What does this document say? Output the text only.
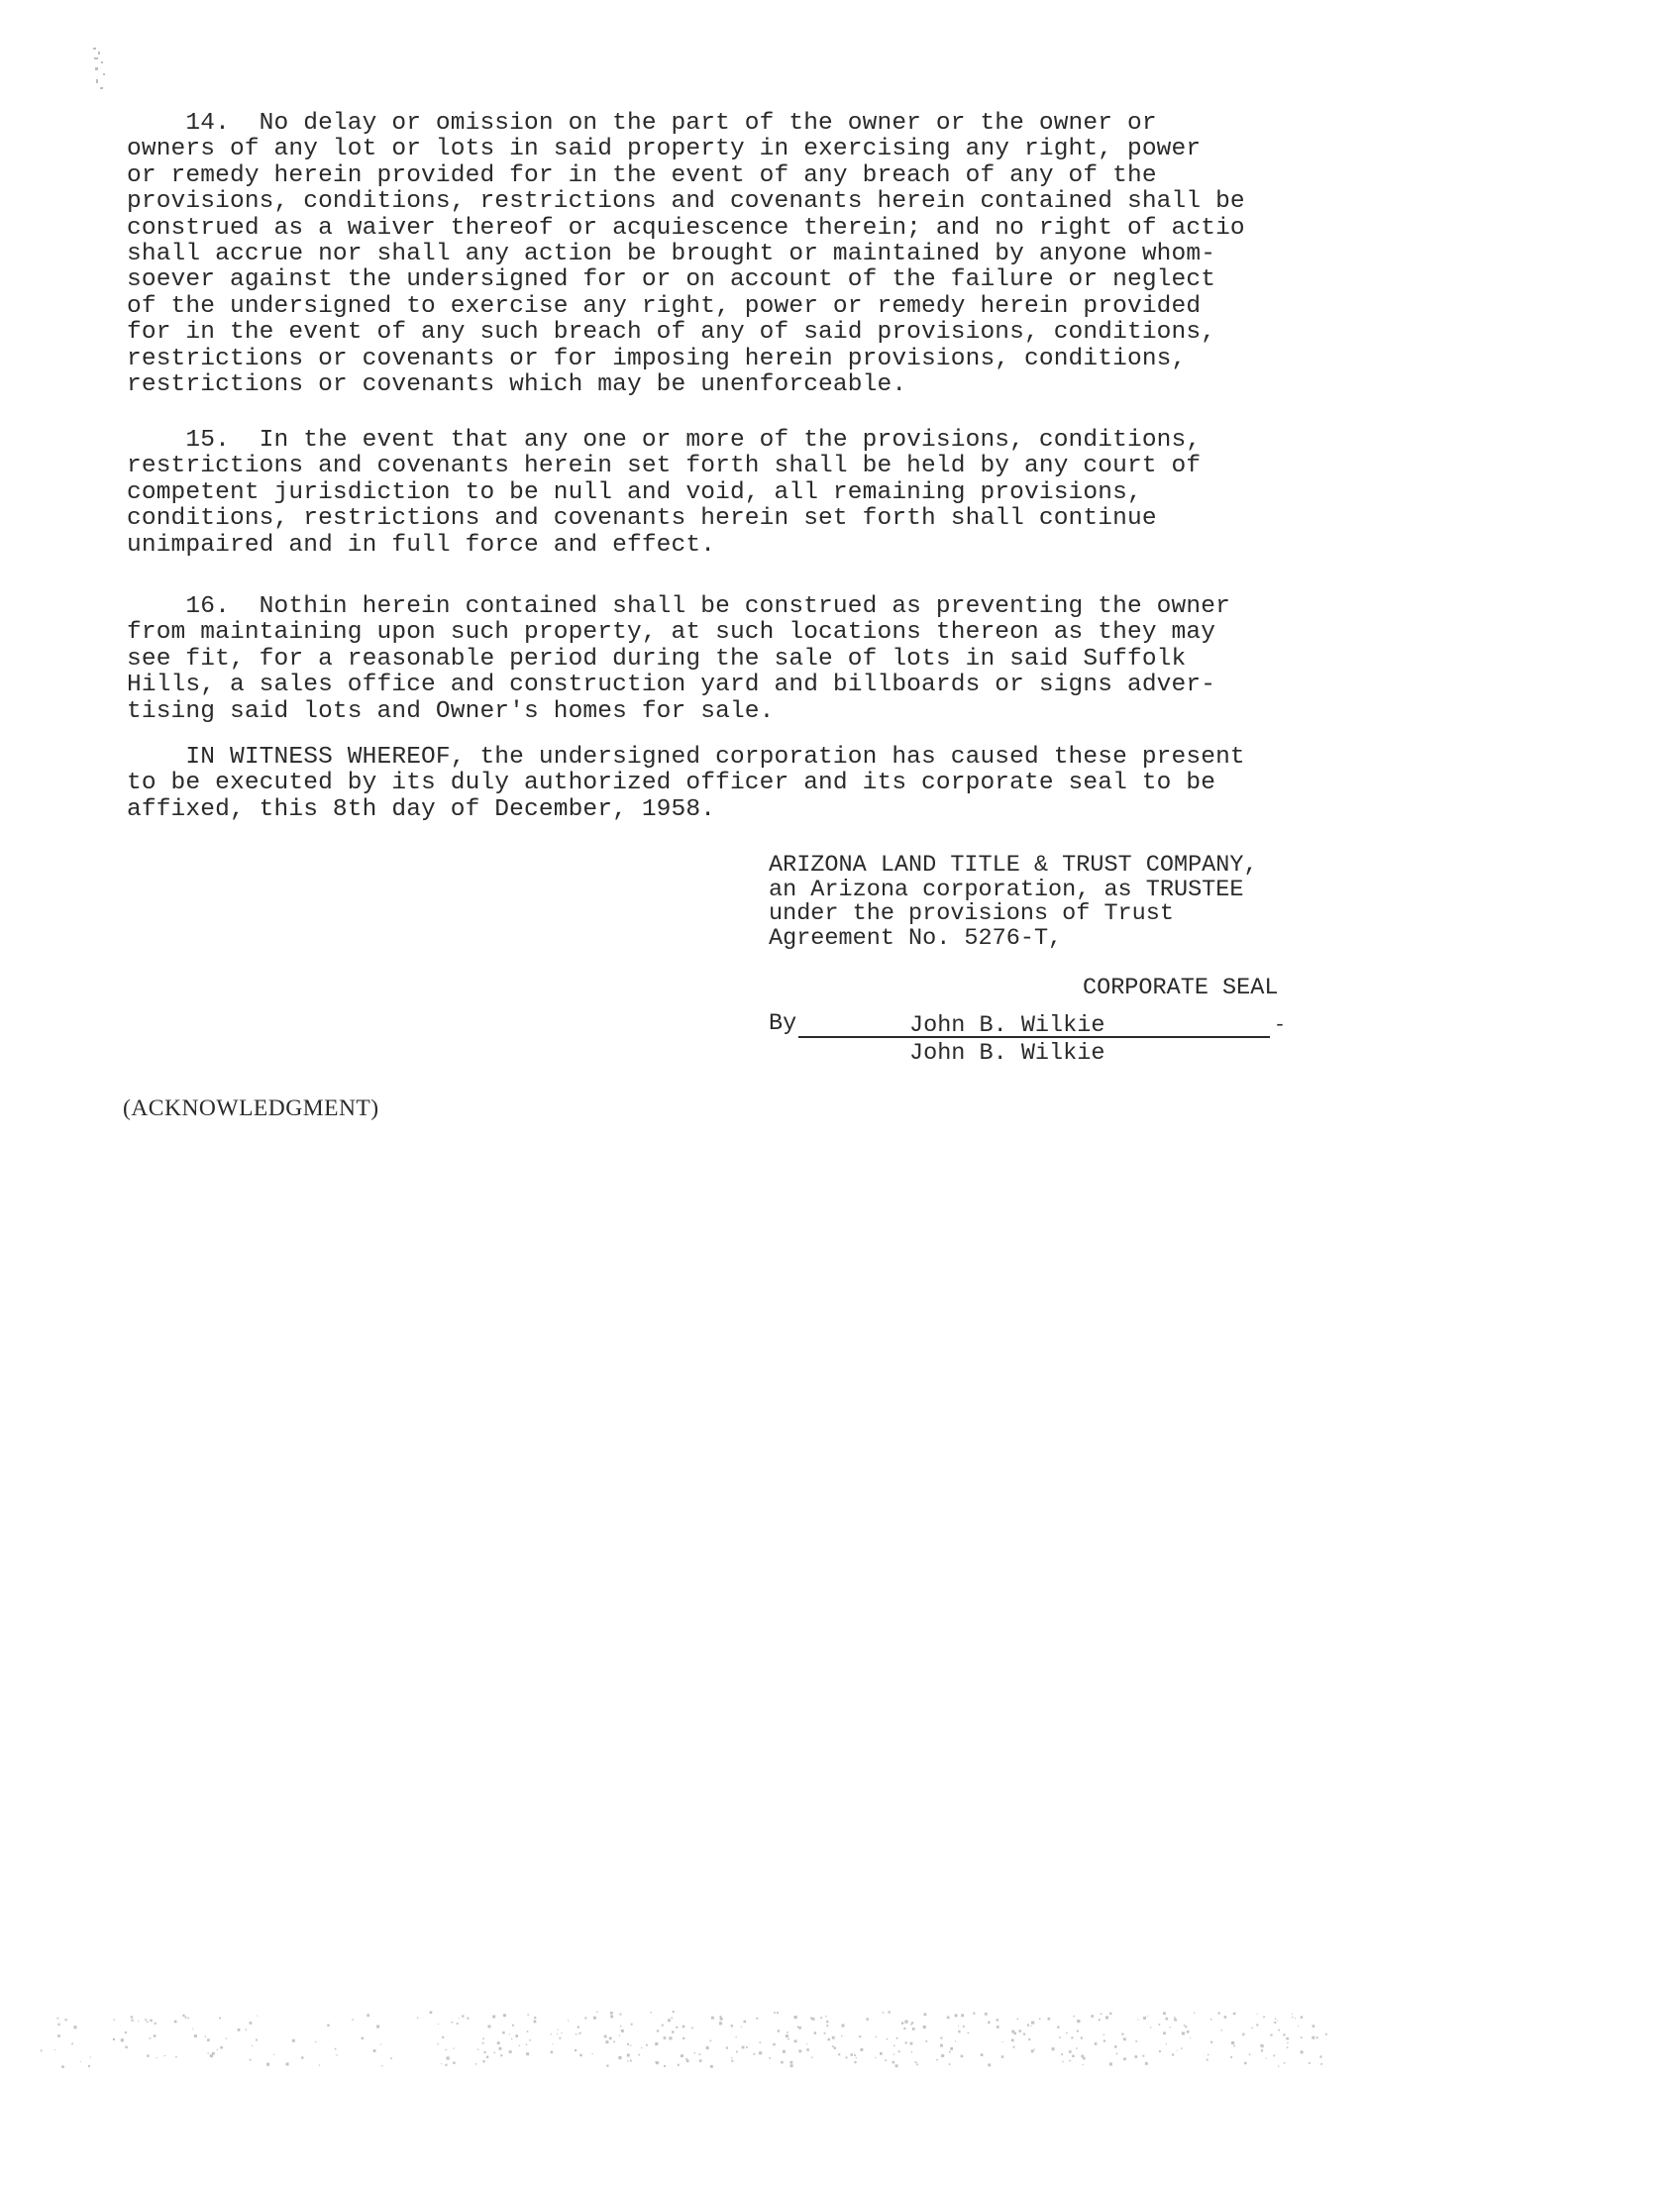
14.  No delay or omission on the part of the owner or the owner or
owners of any lot or lots in said property in exercising any right, power
or remedy herein provided for in the event of any breach of any of the
provisions, conditions, restrictions and covenants herein contained shall be
construed as a waiver thereof or acquiescence therein; and no right of actio
shall accrue nor shall any action be brought or maintained by anyone whom-
soever against the undersigned for or on account of the failure or neglect
of the undersigned to exercise any right, power or remedy herein provided
for in the event of any such breach of any of said provisions, conditions,
restrictions or covenants or for imposing herein provisions, conditions,
restrictions or covenants which may be unenforceable.

15.  In the event that any one or more of the provisions, conditions,
restrictions and covenants herein set forth shall be held by any court of
competent jurisdiction to be null and void, all remaining provisions,
conditions, restrictions and covenants herein set forth shall continue
unimpaired and in full force and effect.

16.  Nothin herein contained shall be construed as preventing the owner
from maintaining upon such property, at such locations thereon as they may
see fit, for a reasonable period during the sale of lots in said Suffolk
Hills, a sales office and construction yard and billboards or signs adver-
tising said lots and Owner's homes for sale.

IN WITNESS WHEREOF, the undersigned corporation has caused these present
to be executed by its duly authorized officer and its corporate seal to be
affixed, this 8th day of December, 1958.

ARIZONA LAND TITLE & TRUST COMPANY,
an Arizona corporation, as TRUSTEE
under the provisions of Trust
Agreement No. 5276-T,
CORPORATE SEAL
By	John B. Wilkie	-
John B. Wilkie
(ACKNOWLEDGMENT)
